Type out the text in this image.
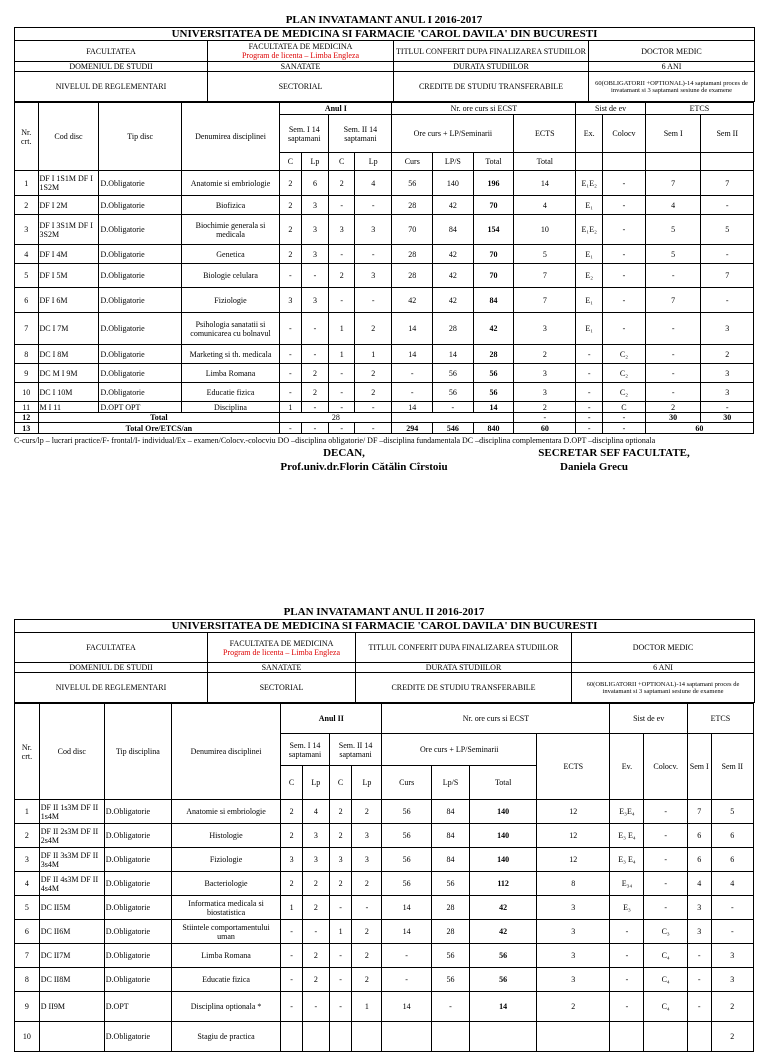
PLAN INVATAMANT ANUL I 2016-2017
UNIVERSITATEA DE MEDICINA SI FARMACIE 'CAROL DAVILA' DIN BUCURESTI			
FACULTATEA	FACULTATEA DE MEDICINA
Program de licenta – Limba Engleza	TITLUL CONFERIT DUPA FINALIZAREA STUDIILOR	DOCTOR MEDIC
DOMENIUL DE STUDII	SANATATE	DURATA STUDIILOR	6 ANI
NIVELUL DE REGLEMENTARI	SECTORIAL	CREDITE DE STUDIU TRANSFERABILE	60(OBLIGATORII +OPTIONAL)-14 saptamani proces de invatamant si 3 saptamani sesiune de examene
Nr. crt.	Cod disc	Tip disc	Denumirea disciplinei	Anul I				Nr. ore curs si ECST				Sist de ev		ETCS	
				Sem. I 14 saptamani		Sem. II 14 saptamani		Ore curs + LP/Seminarii			ECTS	Ex.	Colocv	Sem I	Sem II
				C	Lp	C	Lp	Curs	LP/S	Total	Total				
1	DF I 1S1M DF I 1S2M	D.Obligatorie	Anatomie si embriologie	2	6	2	4	56	140	196	14	E₁E₂	-	7	7
2	DF I 2M	D.Obligatorie	Biofizica	2	3	-	-	28	42	70	4	E₁	-	4	-
3	DF I 3S1M DF I 3S2M	D.Obligatorie	Biochimie generala si medicala	2	3	3	3	70	84	154	10	E₁E₂	-	5	5
4	DF I 4M	D.Obligatorie	Genetica	2	3	-	-	28	42	70	5	E₁	-	5	-
5	DF I 5M	D.Obligatorie	Biologie celulara	-	-	2	3	28	42	70	7	E₂	-	-	7
6	DF I 6M	D.Obligatorie	Fiziologie	3	3	-	-	42	42	84	7	E₁	-	7	-
7	DC I 7M	D.Obligatorie	Psihologia sanatatii si comunicarea cu bolnavul	-	-	1	2	14	28	42	3	E₁	-	-	3
8	DC I 8M	D.Obligatorie	Marketing si th. medicala	-	-	1	1	14	14	28	2	-	C₂	-	2
9	DC M I 9M	D.Obligatorie	Limba Romana	-	2	-	2	-	56	56	3	-	C₂	-	3
10	DC I 10M	D.Obligatorie	Educatie fizica	-	2	-	2	-	56	56	3	-	C₂	-	3
11	M I 11	D.OPT OPT	Disciplina	1	-	-	-	14	-	14	2	-	C	2	-
12	Total			28							-	-	-	30	30
13	Total Ore/ETCS/an			-	-	-	-	294	546	840	60	-	-	60	
C-curs/lp – lucrari practice/F- frontal/I- individual/Ex – examen/Colocv.-colocviu DO –disciplina obligatorie/ DF –disciplina fundamentala DC –disciplina complementara D.OPT –disciplina optionala
DECAN,
Prof.univ.dr.Florin Cătălin Cîrstoiu
SECRETAR SEF FACULTATE,
Daniela Grecu
PLAN INVATAMANT ANUL II 2016-2017
UNIVERSITATEA DE MEDICINA SI FARMACIE 'CAROL DAVILA' DIN BUCURESTI			
FACULTATEA	FACULTATEA DE MEDICINA
Program de licenta – Limba Engleza	TITLUL CONFERIT DUPA FINALIZAREA STUDIILOR	DOCTOR MEDIC
DOMENIUL DE STUDII	SANATATE	DURATA STUDIILOR	6 ANI
NIVELUL DE REGLEMENTARI	SECTORIAL	CREDITE DE STUDIU TRANSFERABILE	60(OBLIGATORII +OPTIONAL)-14 saptamani proces de invatamant si 3 saptamani sesiune de examene
Nr. crt.	Cod disc	Tip disciplina	Denumirea disciplinei	Anul II				Nr. ore curs si ECST				Sist de ev		ETCS	
				Sem. I 14 saptamani		Sem. II 14 saptamani		Ore curs + LP/Seminarii			ECTS	Ev.	Colocv.	Sem I	Sem II
				C	Lp	C	Lp	Curs	Lp/S	Total					
1	DF II 1s3M DF II 1s4M	D.Obligatorie	Anatomie si embriologie	2	4	2	2	56	84	140	12	E₃E₄	-	7	5
2	DF II 2s3M DF II 2s4M	D.Obligatorie	Histologie	2	3	2	3	56	84	140	12	E₃ E₄	-	6	6
3	DF II 3s3M DF II 3s4M	D.Obligatorie	Fiziologie	3	3	3	3	56	84	140	12	E₃ E₄	-	6	6
4	DF II 4s3M DF II 4s4M	D.Obligatorie	Bacteriologie	2	2	2	2	56	56	112	8	E₃₄	-	4	4
5	DC II5M	D.Obligatorie	Informatica medicala si biostatistica	1	2	-	-	14	28	42	3	E₃	-	3	-
6	DC II6M	D.Obligatorie	Stiintele comportamentului uman	-	-	1	2	14	28	42	3	-	C₃	3	-
7	DC II7M	D.Obligatorie	Limba Romana	-	2	-	2	-	56	56	3	-	C₄	-	3
8	DC II8M	D.Obligatorie	Educatie fizica	-	2	-	2	-	56	56	3	-	C₄	-	3
9	D II9M	D.OPT	Disciplina optionala *	-	-	-	1	14	-	14	2	-	C₄	-	2
10		D.Obligatorie	Stagiu de practica												2
